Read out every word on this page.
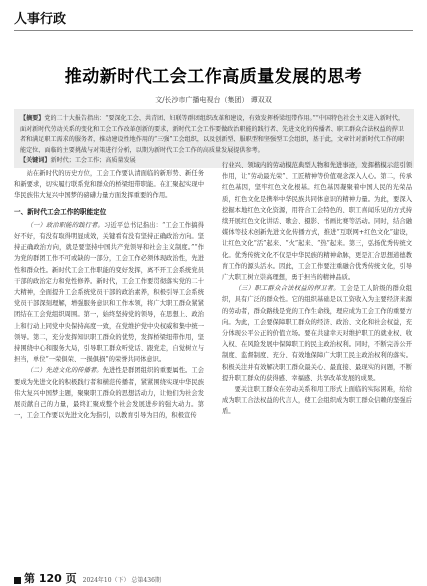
人事行政
推动新时代工会工作高质量发展的思考
文/长沙市广播电视台（集团） 谭双双
【摘要】党的二十大报告指出：“要深化工会、共青团、妇联等群团组织改革和建设，有效发挥桥梁纽带作用。”“中国特色社会主义进入新时代，面对新时代劳动关系的变化和工会工作改革创新的要求，新时代工会工作要做政治职能的践行者、先进文化的传播者、职工群众合法权益的捍卫者和满足职工需求的服务者，推动建设性地作用的“三强”工会组织，以及创新型、服职型和坚强型工会组织，基于此，文章针对新时代工作的职能定位、面临的主要挑战与对策进行分析，以期为新时代工会工作的高质量发展提供参考。
【关键词】新时代；工会工作；高质量发展

站在新时代的历史方位，工会工作要认清面临的新形势、新任务和新要求，切实履行联系党和群众的桥梁纽带职能。在汇聚起实现中华民族伟大复兴中国梦的磅礴力量方面发挥重要的作用。

一、新时代工会工作的职能定位

（一）政治职能的践行者。习近平总书记指出：“工会工作搞得好不好，有没有取得明显成效，关键看有没有坚持正确政治方向。坚持正确政治方向，就是要坚持中国共产党领导和社会主义制度。”“作为党的群团工作不可或缺的一部分，工会工作必须体现政治性，先进性和群众性。新时代工会工作职能的变好发挥，离不开工会系统党员干部的政治定力和党性修养。新时代，工会工作要贯彻落实党的二十大精神，全面提升工会系统党员干部的政治素养，积极引导工会系统党员干部深刻理解，增强服务意识和工作本领，将广大职工群众紧紧团结在工会党组织周围。第一，始终坚持党的领导，在思想上、政治上和行动上同党中央保持高度一致，在党维护党中央权威和集中统一领导。第二，充分发挥知识职工群众的优势，发挥桥梁纽带作用，坚持围绕中心和服务大局，引导职工群众听党话、跟党走，自觉树立与担当，单位“一荣俱荣、一损俱损”的荣誉共同体意识。

（二）先进文化的传播者。先进性是群团组织的重要属性。工会要成为先进文化的积极践行者和横范传播者，紧紧围绕实现中华民族伟大复兴中国梦主题，聚聚职工群众的思想活动力，让他们为社会发展贡献自己的力量，最终汇聚成整个社会发展进步的强大动力。第一，工会工作要以先进文化为指引，以教育引导为目的，积极宣传

行业兴、领域内的劳动模范典型人物和先进事迹，发挥楷模示范引领作用，让“劳动最光荣”、工匠精神等价值观念深入人心。第二，传承红色基因，坚牢红色文化根基。红色基因凝聚着中国人民的光荣品质，红色文化是携举中华民族共同体意识的精神力量。为此，要深入挖掘本地红色文化资源，用符合工会特色的、职工喜闻乐见的方式持续开展红色文化讲话、歌会、摄影、书画比赛等活动。同时，结合融媒体等技术创新先进文化传播方式，推进“互联网+红色文化”建设，让红色文化“活”起来、“火”起来、“热”起来。第三，弘扬优秀传统文化。优秀传统文化不仅是中华民族的精神命脉，更是汇合思想道德教育工作的源头活水。因此，工会工作要注重融合优秀传统文化，引导广大职工树立崇高理想，勇于担当的精神品质。

（三）职工群众合法权益的捍卫者。工会是工人阶级的群众组织，具有广泛的群众性。它的组织基础是以工资收入为主要经济来源的劳动者，群众路线是党的工作生命线，理应成为工会工作的重要方向。为此，工会要保障职工群众的经济、政治、文化和社会权益，充分体现公平公正的价值立场。要在共建幸天对维护职工的就业权、收入权、在风险发展中保障职工的民主政治权利。同时，不断完善公开制度、监督制度、充分、有效地保障广大职工民主政治权利的落实。积极关注并有效解决职工群众最关心、最直接、最现实的问题，不断提升职工群众的获得感、幸福感、共享改革发展的成果。

要关注职工群众在劳动关系和用工形式上面临的实际困难，给给成为职工合法权益的代言人，使工会组织成为职工群众信赖的坚强后盾。

第 120 页 2024年10（下） 总第436期
